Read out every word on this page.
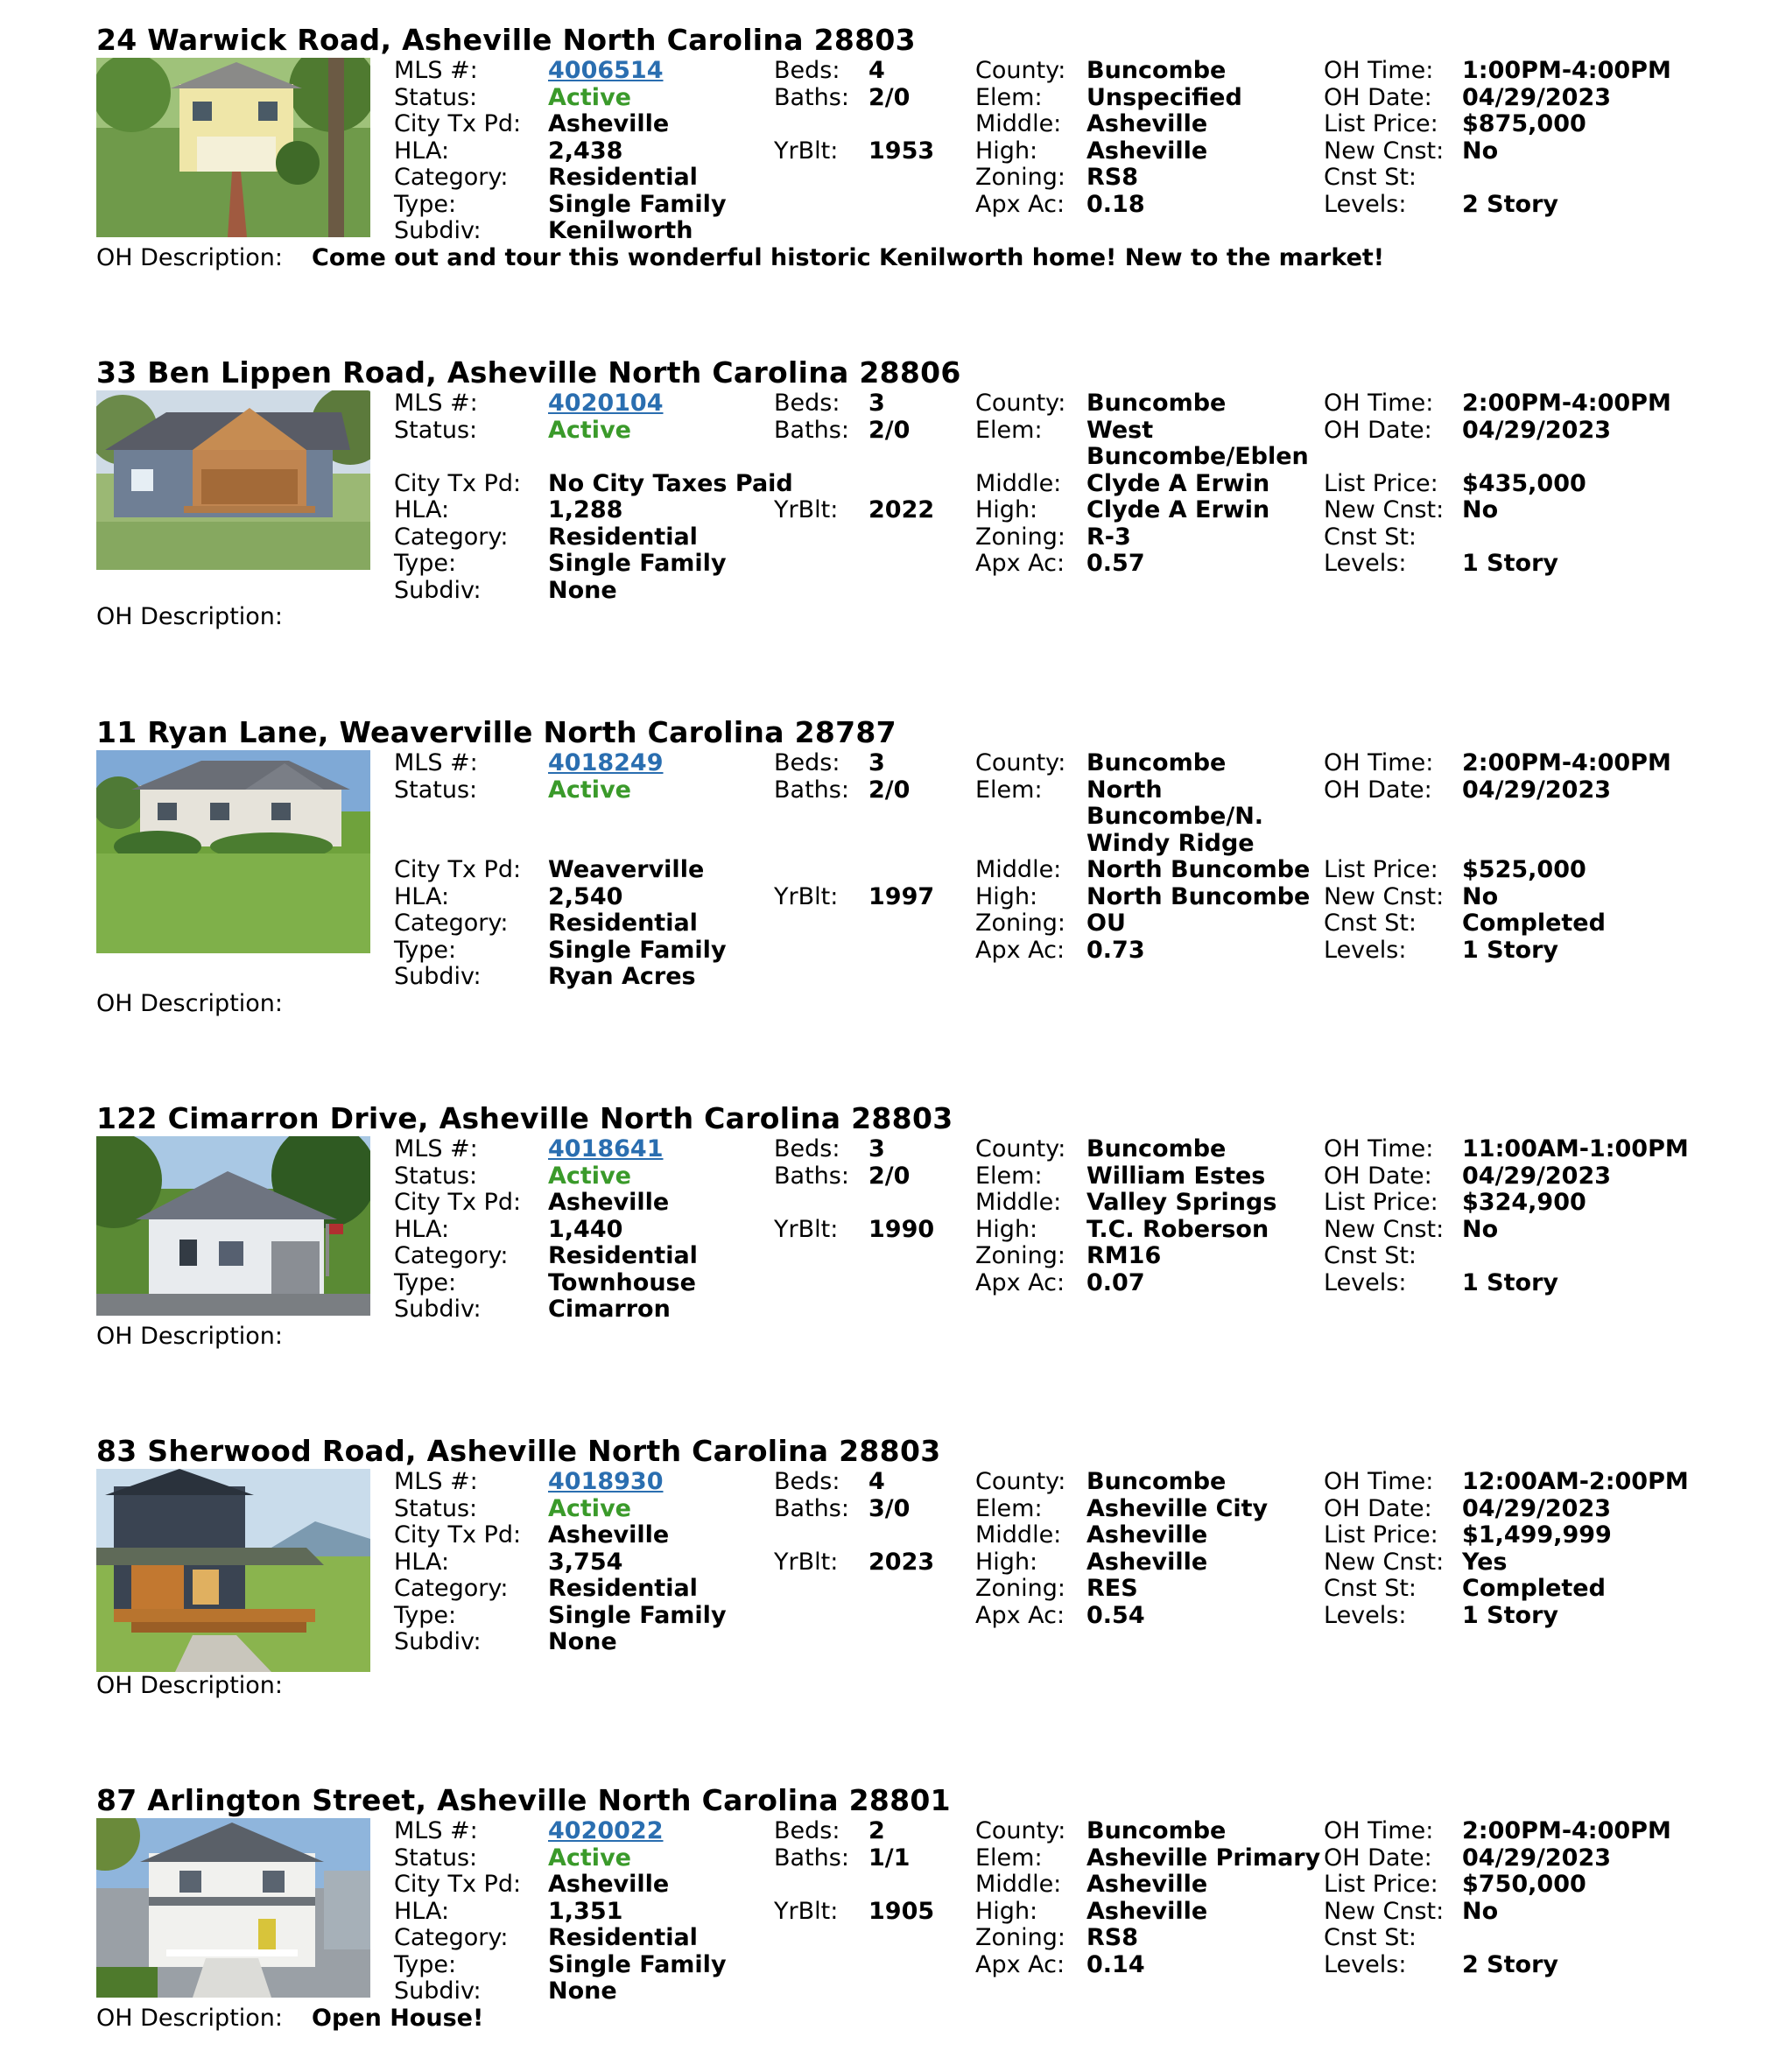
24 Warwick Road, Asheville North Carolina 28803
MLS #:	4006514
Status:	Active
City Tx Pd: Asheville
HLA:	2,438
Category: Residential
Type:	Single Family
Subdiv:	Kenilworth
Beds: 4
Baths: 2/0
YrBlt: 1953
County: Buncombe
Elem: Unspecified
Middle: Asheville
High: Asheville
Zoning: RS8
Apx Ac: 0.18
OH Time: 1:00PM-4:00PM
OH Date: 04/29/2023
List Price: $875,000
New Cnst: No
Cnst St:
Levels: 2 Story
OH Description: Come out and tour this wonderful historic Kenilworth home! New to the market!
33 Ben Lippen Road, Asheville North Carolina 28806
MLS #:	4020104
Status:	Active
City Tx Pd: No City Taxes Paid
HLA:	1,288
Category: Residential
Type:	Single Family
Subdiv:	None
Beds: 3
Baths: 2/0
YrBlt: 2022
County: Buncombe
Elem: West
Buncombe/Eblen
Middle: Clyde A Erwin
High: Clyde A Erwin
Zoning: R-3
Apx Ac: 0.57
OH Time: 2:00PM-4:00PM
OH Date: 04/29/2023
List Price: $435,000
New Cnst: No
Cnst St:
Levels: 1 Story
OH Description:
11 Ryan Lane, Weaverville North Carolina 28787
MLS #:	4018249
Status:	Active
City Tx Pd: Weaverville
HLA:	2,540
Category: Residential
Type:	Single Family
Subdiv:	Ryan Acres
Beds: 3
Baths: 2/0
YrBlt: 1997
County: Buncombe
Elem: North
Buncombe/N.
Windy Ridge
Middle: North Buncombe
High: North Buncombe
Zoning: OU
Apx Ac: 0.73
OH Time: 2:00PM-4:00PM
OH Date: 04/29/2023
List Price: $525,000
New Cnst: No
Cnst St: Completed
Levels: 1 Story
OH Description:
122 Cimarron Drive, Asheville North Carolina 28803
MLS #:	4018641
Status:	Active
City Tx Pd: Asheville
HLA:	1,440
Category: Residential
Type:	Townhouse
Subdiv:	Cimarron
Beds: 3
Baths: 2/0
YrBlt: 1990
County: Buncombe
Elem: William Estes
Middle: Valley Springs
High: T.C. Roberson
Zoning: RM16
Apx Ac: 0.07
OH Time: 11:00AM-1:00PM
OH Date: 04/29/2023
List Price: $324,900
New Cnst: No
Cnst St:
Levels: 1 Story
OH Description:
83 Sherwood Road, Asheville North Carolina 28803
MLS #:	4018930
Status:	Active
City Tx Pd: Asheville
HLA:	3,754
Category: Residential
Type:	Single Family
Subdiv:	None
Beds: 4
Baths: 3/0
YrBlt: 2023
County: Buncombe
Elem: Asheville City
Middle: Asheville
High: Asheville
Zoning: RES
Apx Ac: 0.54
OH Time: 12:00AM-2:00PM
OH Date: 04/29/2023
List Price: $1,499,999
New Cnst: Yes
Cnst St: Completed
Levels: 1 Story
OH Description:
87 Arlington Street, Asheville North Carolina 28801
MLS #:	4020022
Status:	Active
City Tx Pd: Asheville
HLA:	1,351
Category: Residential
Type:	Single Family
Subdiv:	None
Beds: 2
Baths: 1/1
YrBlt: 1905
County: Buncombe
Elem: Asheville Primary
Middle: Asheville
High: Asheville
Zoning: RS8
Apx Ac: 0.14
OH Time: 2:00PM-4:00PM
OH Date: 04/29/2023
List Price: $750,000
New Cnst: No
Cnst St:
Levels: 2 Story
OH Description: Open House!
